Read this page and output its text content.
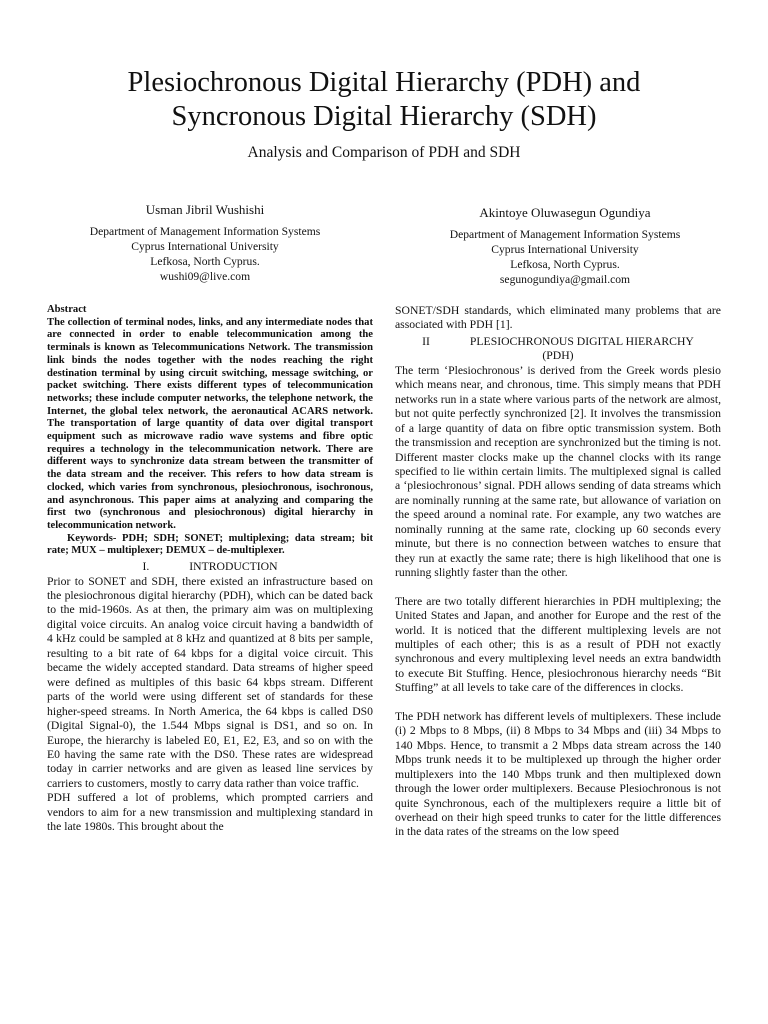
Plesiochronous Digital Hierarchy (PDH) and
Syncronous Digital Hierarchy (SDH)
Analysis and Comparison of PDH and SDH
Usman Jibril Wushishi
Department of Management Information Systems
Cyprus International University
Lefkosa, North Cyprus.
wushi09@live.com
Akintoye Oluwasegun Ogundiya
Department of Management Information Systems
Cyprus International University
Lefkosa, North Cyprus.
segunogundiya@gmail.com
Abstract
The collection of terminal nodes, links, and any intermediate nodes that are connected in order to enable telecommunication among the terminals is known as Telecommunications Network. The transmission link binds the nodes together with the nodes reaching the right destination terminal by using circuit switching, message switching, or packet switching. There exists different types of telecommunication networks; these include computer networks, the telephone network, the Internet, the global telex network, the aeronautical ACARS network. The transportation of large quantity of data over digital transport equipment such as microwave radio wave systems and fibre optic requires a technology in the telecommunication network. There are different ways to synchronize data stream between the transmitter of the data stream and the receiver. This refers to how data stream is clocked, which varies from synchronous, plesiochronous, isochronous, and asynchronous. This paper aims at analyzing and comparing the first two (synchronous and plesiochronous) digital hierarchy in telecommunication network.
Keywords- PDH; SDH; SONET; multiplexing; data stream; bit rate; MUX – multiplexer; DEMUX – de-multiplexer.
I.	INTRODUCTION

Prior to SONET and SDH, there existed an infrastructure based on the plesiochronous digital hierarchy (PDH), which can be dated back to the mid-1960s. As at then, the primary aim was on multiplexing digital voice circuits. An analog voice circuit having a bandwidth of 4 kHz could be sampled at 8 kHz and quantized at 8 bits per sample, resulting to a bit rate of 64 kbps for a digital voice circuit. This became the widely accepted standard. Data streams of higher speed were defined as multiples of this basic 64 kbps stream. Different parts of the world were using different set of standards for these higher-speed streams. In North America, the 64 kbps is called DS0 (Digital Signal-0), the 1.544 Mbps signal is DS1, and so on. In Europe, the hierarchy is labeled E0, E1, E2, E3, and so on with the E0 having the same rate with the DS0. These rates are widespread today in carrier networks and are given as leased line services by carriers to customers, mostly to carry data rather than voice traffic.

PDH suffered a lot of problems, which prompted carriers and vendors to aim for a new transmission and multiplexing standard in the late 1980s. This brought about the

SONET/SDH standards, which eliminated many problems that are associated with PDH [1].

II	PLESIOCHRONOUS DIGITAL HIERARCHY
(PDH)

The term ‘Plesiochronous’ is derived from the Greek words plesio which means near, and chronous, time. This simply means that PDH networks run in a state where various parts of the network are almost, but not quite perfectly synchronized [2]. It involves the transmission of a large quantity of data on fibre optic transmission system. Both the transmission and reception are synchronized but the timing is not. Different master clocks make up the channel clocks with its range specified to lie within certain limits. The multiplexed signal is called a ‘plesiochronous’ signal. PDH allows sending of data streams which are nominally running at the same rate, but allowance of variation on the speed around a nominal rate. For example, any two watches are nominally running at the same rate, clocking up 60 seconds every minute, but there is no connection between watches to ensure that they run at exactly the same rate; there is high likelihood that one is running slightly faster than the other.

There are two totally different hierarchies in PDH multiplexing; the United States and Japan, and another for Europe and the rest of the world. It is noticed that the different multiplexing levels are not multiples of each other; this is as a result of PDH not exactly synchronous and every multiplexing level needs an extra bandwidth to execute Bit Stuffing. Hence, plesiochronous hierarchy needs “Bit Stuffing” at all levels to take care of the differences in clocks.

The PDH network has different levels of multiplexers. These include (i) 2 Mbps to 8 Mbps, (ii) 8 Mbps to 34 Mbps and (iii) 34 Mbps to 140 Mbps. Hence, to transmit a 2 Mbps data stream across the 140 Mbps trunk needs it to be multiplexed up through the higher order multiplexers into the 140 Mbps trunk and then multiplexed down through the lower order multiplexers. Because Plesiochronous is not quite Synchronous, each of the multiplexers require a little bit of overhead on their high speed trunks to cater for the little differences in the data rates of the streams on the low speed
